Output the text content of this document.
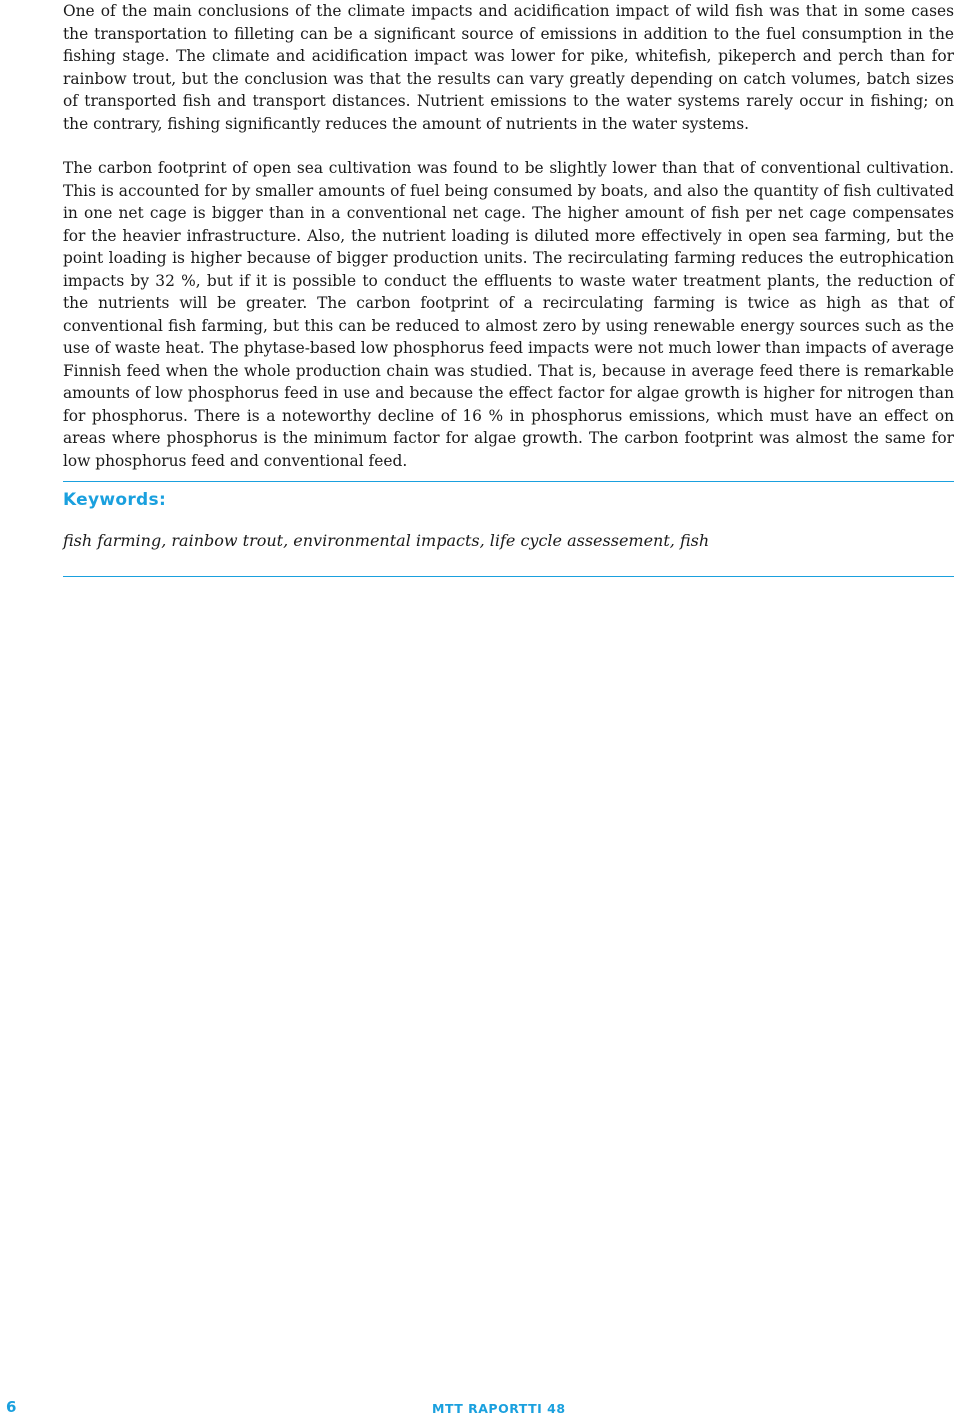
One of the main conclusions of the climate impacts and acidification impact of wild fish was that in some cases the transportation to filleting can be a significant source of emissions in addition to the fuel consumption in the fishing stage. The climate and acidification impact was lower for pike, whitefish, pikeperch and perch than for rainbow trout, but the conclusion was that the results can vary greatly depending on catch volumes, batch sizes of transported fish and transport distances. Nutrient emissions to the water systems rarely occur in fishing; on the contrary, fishing significantly reduces the amount of nutrients in the water systems.

The carbon footprint of open sea cultivation was found to be slightly lower than that of conventional cultivation. This is accounted for by smaller amounts of fuel being consumed by boats, and also the quantity of fish cultivated in one net cage is bigger than in a conventional net cage. The higher amount of fish per net cage compensates for the heavier infrastructure. Also, the nutrient loading is diluted more effectively in open sea farming, but the point loading is higher because of bigger production units. The recirculating farming reduces the eutrophication impacts by 32 %, but if it is possible to conduct the effluents to waste water treatment plants, the reduction of the nutrients will be greater. The carbon footprint of a recirculating farming is twice as high as that of conventional fish farming, but this can be reduced to almost zero by using renewable energy sources such as the use of waste heat. The phytase-based low phosphorus feed impacts were not much lower than impacts of average Finnish feed when the whole production chain was studied. That is, because in average feed there is remarkable amounts of low phosphorus feed in use and because the effect factor for algae growth is higher for nitrogen than for phosphorus. There is a noteworthy decline of 16 % in phosphorus emissions, which must have an effect on areas where phosphorus is the minimum factor for algae growth. The carbon footprint was almost the same for low phosphorus feed and conventional feed.

Keywords:

fish farming, rainbow trout, environmental impacts, life cycle assessement, fish

6	MTT RAPORTTI 48
